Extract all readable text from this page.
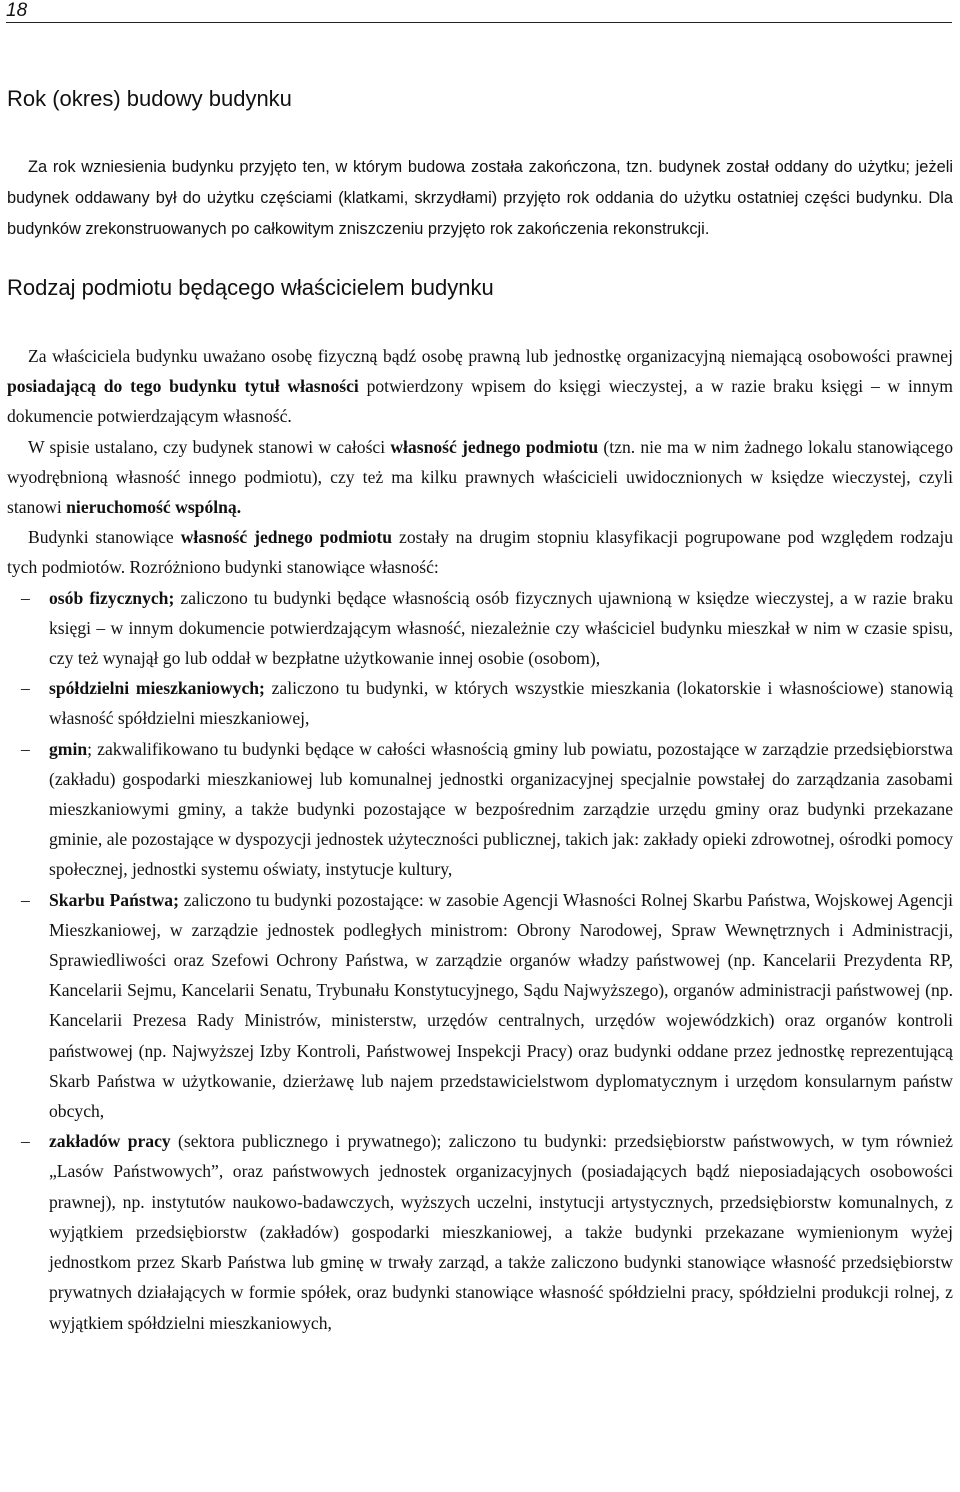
18
Rok (okres) budowy budynku

Za rok wzniesienia budynku przyjęto ten, w którym budowa została zakończona, tzn. budynek został oddany do użytku; jeżeli budynek oddawany był do użytku częściami (klatkami, skrzydłami) przyjęto rok oddania do użytku ostatniej części budynku. Dla budynków zrekonstruowanych po całkowitym zniszczeniu przyjęto rok zakończenia rekonstrukcji.

Rodzaj podmiotu będącego właścicielem budynku

Za właściciela budynku uważano osobę fizyczną bądź osobę prawną lub jednostkę organizacyjną niemającą osobowości prawnej posiadającą do tego budynku tytuł własności potwierdzony wpisem do księgi wieczystej, a w razie braku księgi – w innym dokumencie potwierdzającym własność.

W spisie ustalano, czy budynek stanowi w całości własność jednego podmiotu (tzn. nie ma w nim żadnego lokalu stanowiącego wyodrębnioną własność innego podmiotu), czy też ma kilku prawnych właścicieli uwidocznionych w księdze wieczystej, czyli stanowi nieruchomość wspólną.

Budynki stanowiące własność jednego podmiotu zostały na drugim stopniu klasyfikacji pogrupowane pod względem rodzaju tych podmiotów. Rozróżniono budynki stanowiące własność:

– osób fizycznych; zaliczono tu budynki będące własnością osób fizycznych ujawnioną w księdze wieczystej, a w razie braku księgi – w innym dokumencie potwierdzającym własność, niezależnie czy właściciel budynku mieszkał w nim w czasie spisu, czy też wynajął go lub oddał w bezpłatne użytkowanie innej osobie (osobom),
– spółdzielni mieszkaniowych; zaliczono tu budynki, w których wszystkie mieszkania (lokatorskie i własnościowe) stanowią własność spółdzielni mieszkaniowej,
– gmin; zakwalifikowano tu budynki będące w całości własnością gminy lub powiatu, pozostające w zarządzie przedsiębiorstwa (zakładu) gospodarki mieszkaniowej lub komunalnej jednostki organizacyjnej specjalnie powstałej do zarządzania zasobami mieszkaniowymi gminy, a także budynki pozostające w bezpośrednim zarządzie urzędu gminy oraz budynki przekazane gminie, ale pozostające w dyspozycji jednostek użyteczności publicznej, takich jak: zakłady opieki zdrowotnej, ośrodki pomocy społecznej, jednostki systemu oświaty, instytucje kultury,
– Skarbu Państwa; zaliczono tu budynki pozostające: w zasobie Agencji Własności Rolnej Skarbu Państwa, Wojskowej Agencji Mieszkaniowej, w zarządzie jednostek podległych ministrom: Obrony Narodowej, Spraw Wewnętrznych i Administracji, Sprawiedliwości oraz Szefowi Ochrony Państwa, w zarządzie organów władzy państwowej (np. Kancelarii Prezydenta RP, Kancelarii Sejmu, Kancelarii Senatu, Trybunału Konstytucyjnego, Sądu Najwyższego), organów administracji państwowej (np. Kancelarii Prezesa Rady Ministrów, ministerstw, urzędów centralnych, urzędów wojewódzkich) oraz organów kontroli państwowej (np. Najwyższej Izby Kontroli, Państwowej Inspekcji Pracy) oraz budynki oddane przez jednostkę reprezentującą Skarb Państwa w użytkowanie, dzierżawę lub najem przedstawicielstwom dyplomatycznym i urzędom konsularnym państw obcych,
– zakładów pracy (sektora publicznego i prywatnego); zaliczono tu budynki: przedsiębiorstw państwowych, w tym również „Lasów Państwowych”, oraz państwowych jednostek organizacyjnych (posiadających bądź nieposiadających osobowości prawnej), np. instytutów naukowo-badawczych, wyższych uczelni, instytucji artystycznych, przedsiębiorstw komunalnych, z wyjątkiem przedsiębiorstw (zakładów) gospodarki mieszkaniowej, a także budynki przekazane wymienionym wyżej jednostkom przez Skarb Państwa lub gminę w trwały zarząd, a także zaliczono budynki stanowiące własność przedsiębiorstw prywatnych działających w formie spółek, oraz budynki stanowiące własność spółdzielni pracy, spółdzielni produkcji rolnej, z wyjątkiem spółdzielni mieszkaniowych,
